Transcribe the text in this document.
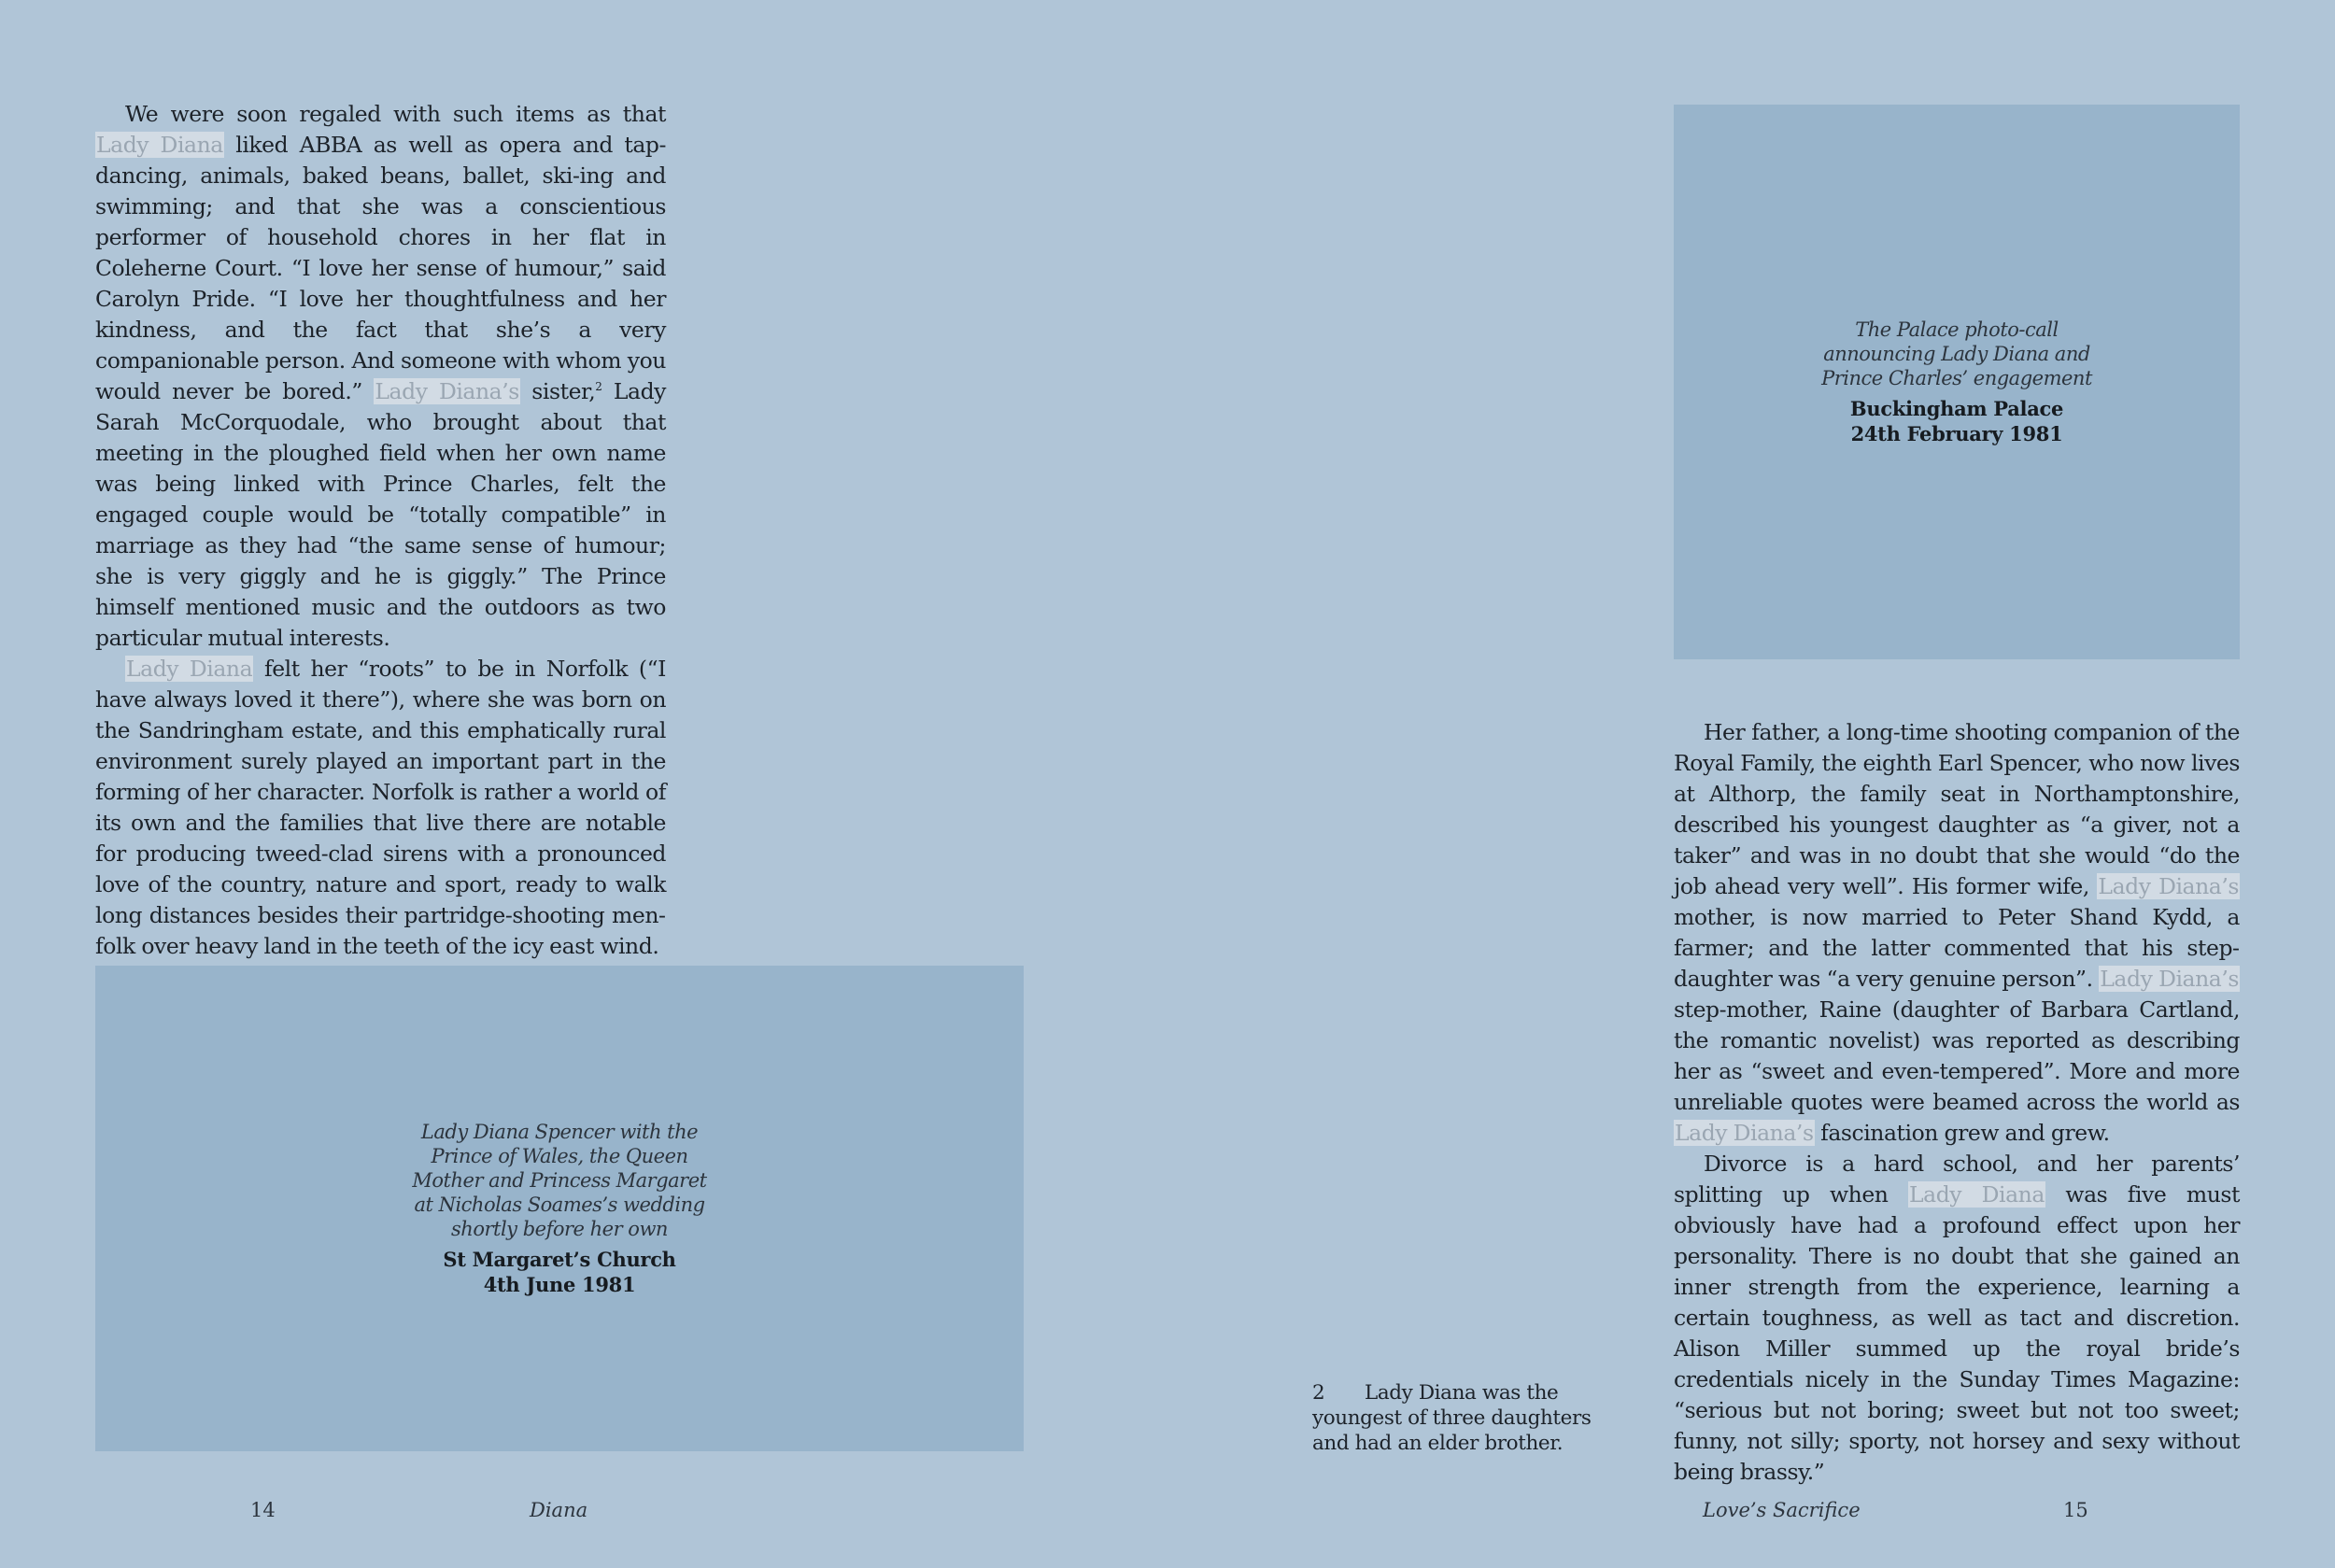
We were soon regaled with such items as that Lady Diana liked ABBA as well as opera and tap-dancing, animals, baked beans, ballet, ski-ing and swimming; and that she was a conscientious performer of household chores in her flat in Coleherne Court. “I love her sense of humour,” said Carolyn Pride. “I love her thoughtfulness and her kindness, and the fact that she’s a very companionable person. And someone with whom you would never be bored.” Lady Diana’s sister,$^2$ Lady Sarah McCorquodale, who brought about that meeting in the ploughed field when her own name was being linked with Prince Charles, felt the engaged couple would be “totally compatible” in marriage as they had “the same sense of humour; she is very giggly and he is giggly.” The Prince himself mentioned music and the outdoors as two particular mutual interests.

Lady Diana felt her “roots” to be in Norfolk (“I have always loved it there”), where she was born on the Sandringham estate, and this emphatically rural environment surely played an important part in the forming of her character. Norfolk is rather a world of its own and the families that live there are notable for producing tweed-clad sirens with a pronounced love of the country, nature and sport, ready to walk long distances besides their partridge-shooting menfolk over heavy land in the teeth of the icy east wind.

Lady Diana Spencer with the

Prince of Wales, the Queen

Mother and Princess Margaret

at Nicholas Soames’s wedding

shortly before her own

St Margaret’s Church

4th June 1981

14	Diana

The Palace photo-call

announcing Lady Diana and

Prince Charles’ engagement

Buckingham Palace

24th February 1981

Her father, a long-time shooting companion of the Royal Family, the eighth Earl Spencer, who now lives at Althorp, the family seat in Northamptonshire, described his youngest daughter as “a giver, not a taker” and was in no doubt that she would “do the job ahead very well”. His former wife, Lady Diana’s mother, is now married to Peter Shand Kydd, a farmer; and the latter commented that his stepdaughter was “a very genuine person”. Lady Diana’s step-mother, Raine (daughter of Barbara Cartland, the romantic novelist) was reported as describing her as “sweet and even-tempered”. More and more unreliable quotes were beamed across the world as Lady Diana’s fascination grew and grew.

Divorce is a hard school, and her parents’ splitting up when Lady Diana was five must obviously have had a profound effect upon her personality. There is no doubt that she gained an inner strength from the experience, learning a certain toughness, as well as tact and discretion. Alison Miller summed up the royal bride’s credentials nicely in the Sunday Times Magazine: “serious but not boring; sweet but not too sweet; funny, not silly; sporty, not horsey and sexy without being brassy.”

2 Lady Diana was the youngest of three daughters and had an elder brother.
Love’s Sacrifice	15
